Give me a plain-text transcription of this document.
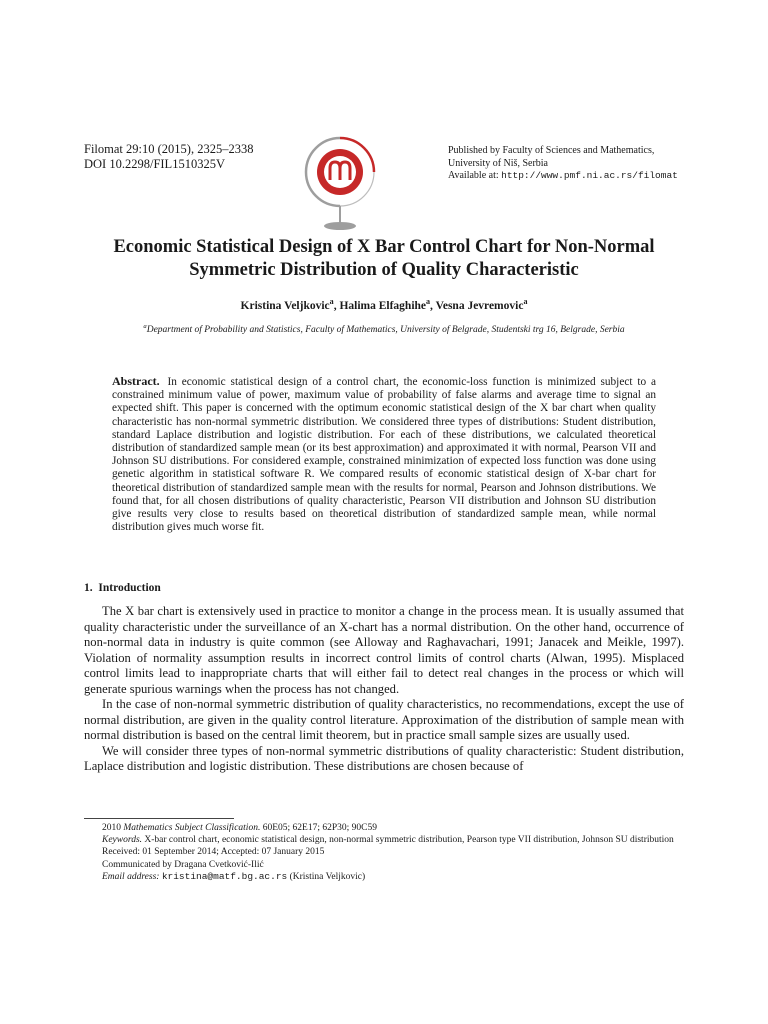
Filomat 29:10 (2015), 2325–2338
DOI 10.2298/FIL1510325V
Published by Faculty of Sciences and Mathematics,
University of Niš, Serbia
Available at: http://www.pmf.ni.ac.rs/filomat
Economic Statistical Design of X Bar Control Chart for Non-Normal Symmetric Distribution of Quality Characteristic
Kristina Veljkovic$^a$, Halima Elfaghihe$^a$, Vesna Jevremovic$^a$
$^a$Department of Probability and Statistics, Faculty of Mathematics, University of Belgrade, Studentski trg 16, Belgrade, Serbia
Abstract. In economic statistical design of a control chart, the economic-loss function is minimized subject to a constrained minimum value of power, maximum value of probability of false alarms and average time to signal an expected shift. This paper is concerned with the optimum economic statistical design of the X bar chart when quality characteristic has non-normal symmetric distribution. We considered three types of distributions: Student distribution, standard Laplace distribution and logistic distribution. For each of these distributions, we calculated theoretical distribution of standardized sample mean (or its best approximation) and approximated it with normal, Pearson VII and Johnson SU distributions. For considered example, constrained minimization of expected loss function was done using genetic algorithm in statistical software R. We compared results of economic statistical design of X-bar chart for theoretical distribution of standardized sample mean with the results for normal, Pearson and Johnson distributions. We found that, for all chosen distributions of quality characteristic, Pearson VII distribution and Johnson SU distribution give results very close to results based on theoretical distribution of standardized sample mean, while normal distribution gives much worse fit.
1. Introduction

The X bar chart is extensively used in practice to monitor a change in the process mean. It is usually assumed that quality characteristic under the surveillance of an X-chart has a normal distribution. On the other hand, occurrence of non-normal data in industry is quite common (see Alloway and Raghavachari, 1991; Janacek and Meikle, 1997). Violation of normality assumption results in incorrect control limits of control charts (Alwan, 1995). Misplaced control limits lead to inappropriate charts that will either fail to detect real changes in the process or which will generate spurious warnings when the process has not changed.

In the case of non-normal symmetric distribution of quality characteristics, no recommendations, except the use of normal distribution, are given in the quality control literature. Approximation of the distribution of sample mean with normal distribution is based on the central limit theorem, but in practice small sample sizes are usually used.

We will consider three types of non-normal symmetric distributions of quality characteristic: Student distribution, Laplace distribution and logistic distribution. These distributions are chosen because of

2010 Mathematics Subject Classification. 60E05; 62E17; 62P30; 90C59
Keywords. X-bar control chart, economic statistical design, non-normal symmetric distribution, Pearson type VII distribution, Johnson SU distribution
Received: 01 September 2014; Accepted: 07 January 2015
Communicated by Dragana Cvetković-Ilić
Email address: kristina@matf.bg.ac.rs (Kristina Veljkovic)
